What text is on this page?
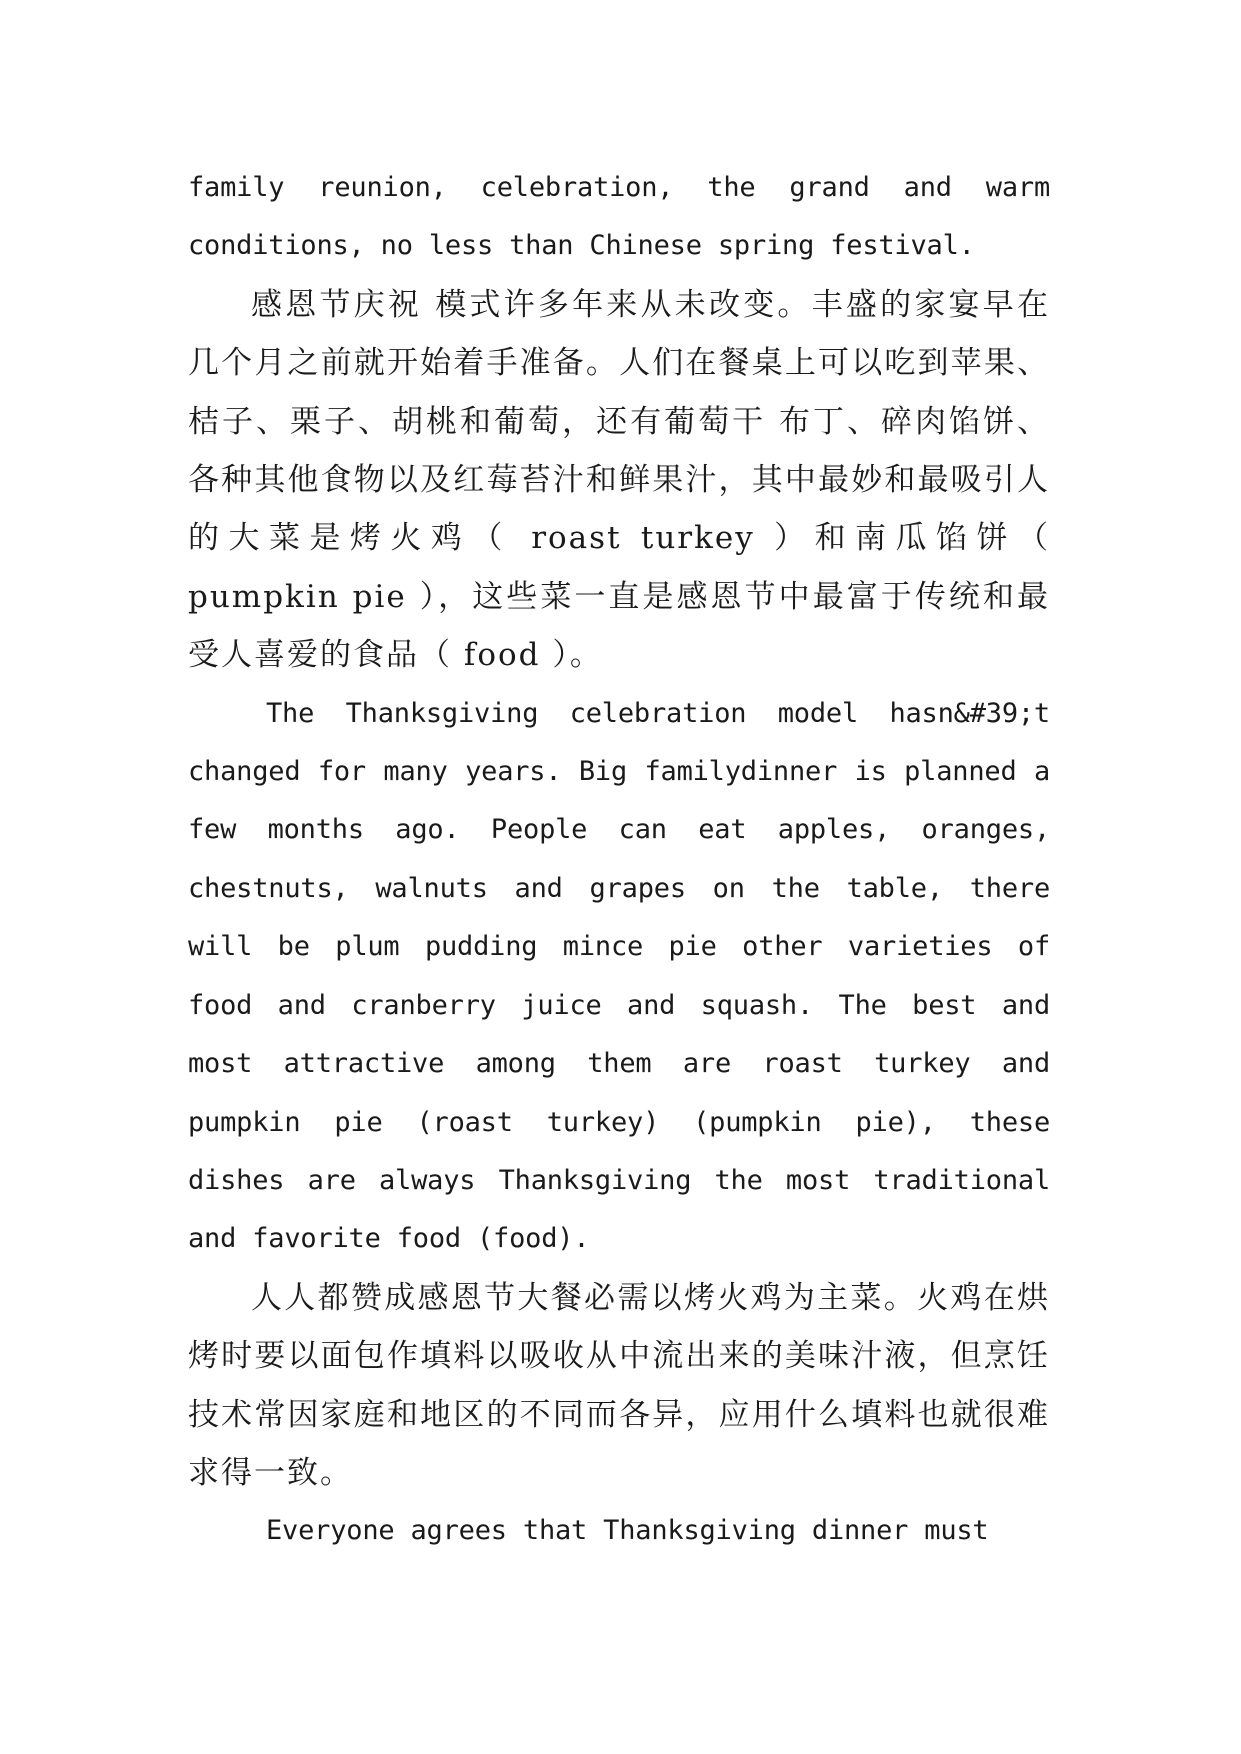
family reunion, celebration, the grand and warm conditions, no less than Chinese spring festival.

感恩节庆祝 模式许多年来从未改变。丰盛的家宴早在几个月之前就开始着手准备。人们在餐桌上可以吃到苹果、桔子、栗子、胡桃和葡萄，还有葡萄干 布丁、碎肉馅饼、各种其他食物以及红莓苔汁和鲜果汁，其中最妙和最吸引人的大菜是烤火鸡（ roast turkey ）和南瓜馅饼（ pumpkin pie ），这些菜一直是感恩节中最富于传统和最受人喜爱的食品（ food ）。

The Thanksgiving celebration model hasn&#39;t changed for many years. Big familydinner is planned a few months ago. People can eat apples, oranges, chestnuts, walnuts and grapes on the table, there will be plum pudding mince pie other varieties of food and cranberry juice and squash. The best and most attractive among them are roast turkey and pumpkin pie (roast turkey) (pumpkin pie), these dishes are always Thanksgiving the most traditional and favorite food (food).

人人都赞成感恩节大餐必需以烤火鸡为主菜。火鸡在烘烤时要以面包作填料以吸收从中流出来的美味汁液，但烹饪技术常因家庭和地区的不同而各异，应用什么填料也就很难求得一致。

Everyone agrees that Thanksgiving dinner must
